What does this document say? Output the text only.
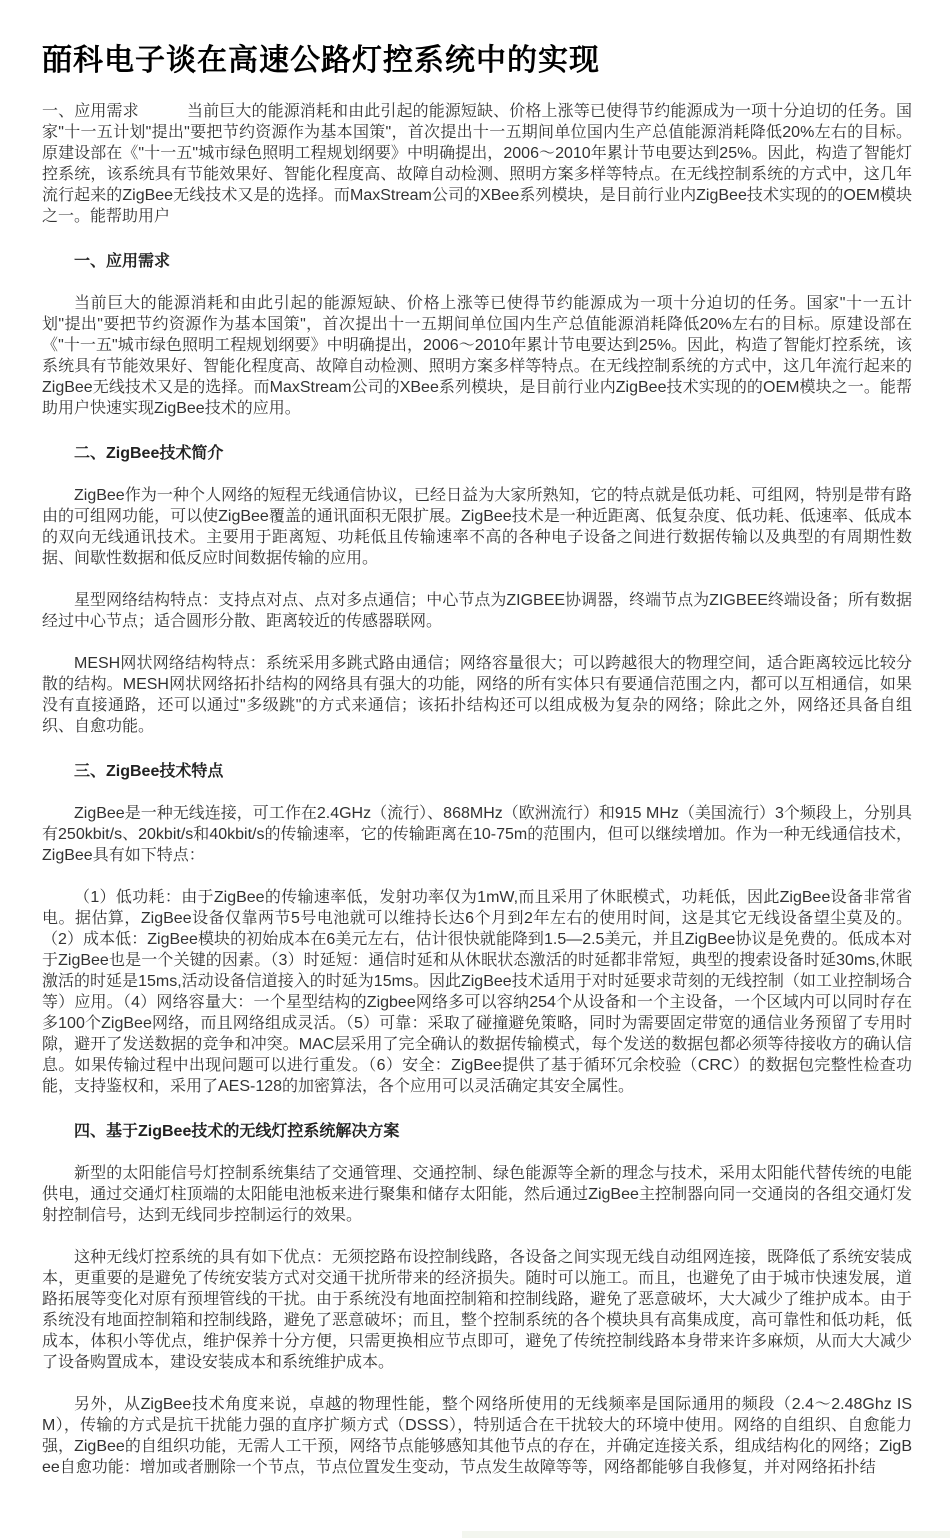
皕科电子谈在高速公路灯控系统中的实现

一、应用需求　　　当前巨大的能源消耗和由此引起的能源短缺、价格上涨等已使得节约能源成为一项十分迫切的任务。国家"十一五计划"提出"要把节约资源作为基本国策"，首次提出十一五期间单位国内生产总值能源消耗降低20%左右的目标。原建设部在《"十一五"城市绿色照明工程规划纲要》中明确提出，2006～2010年累计节电要达到25%。因此，构造了智能灯控系统，该系统具有节能效果好、智能化程度高、故障自动检测、照明方案多样等特点。在无线控制系统的方式中，这几年流行起来的ZigBee无线技术又是的选择。而MaxStream公司的XBee系列模块，是目前行业内ZigBee技术实现的的OEM模块之一。能帮助用户

一、应用需求

当前巨大的能源消耗和由此引起的能源短缺、价格上涨等已使得节约能源成为一项十分迫切的任务。国家"十一五计划"提出"要把节约资源作为基本国策"，首次提出十一五期间单位国内生产总值能源消耗降低20%左右的目标。原建设部在《"十一五"城市绿色照明工程规划纲要》中明确提出，2006～2010年累计节电要达到25%。因此，构造了智能灯控系统，该系统具有节能效果好、智能化程度高、故障自动检测、照明方案多样等特点。在无线控制系统的方式中，这几年流行起来的ZigBee无线技术又是的选择。而MaxStream公司的XBee系列模块，是目前行业内ZigBee技术实现的的OEM模块之一。能帮助用户快速实现ZigBee技术的应用。

二、ZigBee技术简介

ZigBee作为一种个人网络的短程无线通信协议，已经日益为大家所熟知，它的特点就是低功耗、可组网，特别是带有路由的可组网功能，可以使ZigBee覆盖的通讯面积无限扩展。ZigBee技术是一种近距离、低复杂度、低功耗、低速率、低成本的双向无线通讯技术。主要用于距离短、功耗低且传输速率不高的各种电子设备之间进行数据传输以及典型的有周期性数据、间歇性数据和低反应时间数据传输的应用。

星型网络结构特点：支持点对点、点对多点通信；中心节点为ZIGBEE协调器，终端节点为ZIGBEE终端设备；所有数据经过中心节点；适合圆形分散、距离较近的传感器联网。

MESH网状网络结构特点：系统采用多跳式路由通信；网络容量很大；可以跨越很大的物理空间，适合距离较远比较分散的结构。MESH网状网络拓扑结构的网络具有强大的功能，网络的所有实体只有要通信范围之内，都可以互相通信，如果没有直接通路，还可以通过"多级跳"的方式来通信；该拓扑结构还可以组成极为复杂的网络；除此之外，网络还具备自组织、自愈功能。

三、ZigBee技术特点

ZigBee是一种无线连接，可工作在2.4GHz（流行）、868MHz（欧洲流行）和915 MHz（美国流行）3个频段上，分别具有250kbit/s、20kbit/s和40kbit/s的传输速率，它的传输距离在10-75m的范围内，但可以继续增加。作为一种无线通信技术，ZigBee具有如下特点：

（1）低功耗：由于ZigBee的传输速率低，发射功率仅为1mW,而且采用了休眠模式，功耗低，因此ZigBee设备非常省电。据估算，ZigBee设备仅靠两节5号电池就可以维持长达6个月到2年左右的使用时间，这是其它无线设备望尘莫及的。（2）成本低：ZigBee模块的初始成本在6美元左右，估计很快就能降到1.5—2.5美元，并且ZigBee协议是免费的。低成本对于ZigBee也是一个关键的因素。（3）时延短：通信时延和从休眠状态激活的时延都非常短，典型的搜索设备时延30ms,休眠激活的时延是15ms,活动设备信道接入的时延为15ms。因此ZigBee技术适用于对时延要求苛刻的无线控制（如工业控制场合等）应用。（4）网络容量大：一个星型结构的Zigbee网络多可以容纳254个从设备和一个主设备，一个区域内可以同时存在多100个ZigBee网络，而且网络组成灵活。（5）可靠：采取了碰撞避免策略，同时为需要固定带宽的通信业务预留了专用时隙，避开了发送数据的竞争和冲突。MAC层采用了完全确认的数据传输模式，每个发送的数据包都必须等待接收方的确认信息。如果传输过程中出现问题可以进行重发。（6）安全：ZigBee提供了基于循环冗余校验（CRC）的数据包完整性检查功能，支持鉴权和，采用了AES-128的加密算法，各个应用可以灵活确定其安全属性。

四、基于ZigBee技术的无线灯控系统解决方案

新型的太阳能信号灯控制系统集结了交通管理、交通控制、绿色能源等全新的理念与技术，采用太阳能代替传统的电能供电，通过交通灯柱顶端的太阳能电池板来进行聚集和储存太阳能，然后通过ZigBee主控制器向同一交通岗的各组交通灯发射控制信号，达到无线同步控制运行的效果。

这种无线灯控系统的具有如下优点：无须挖路布设控制线路，各设备之间实现无线自动组网连接，既降低了系统安装成本，更重要的是避免了传统安装方式对交通干扰所带来的经济损失。随时可以施工。而且，也避免了由于城市快速发展，道路拓展等变化对原有预埋管线的干扰。由于系统没有地面控制箱和控制线路，避免了恶意破坏，大大减少了维护成本。由于系统没有地面控制箱和控制线路，避免了恶意破坏；而且，整个控制系统的各个模块具有高集成度，高可靠性和低功耗，低成本，体积小等优点，维护保养十分方便，只需更换相应节点即可，避免了传统控制线路本身带来许多麻烦，从而大大减少了设备购置成本，建设安装成本和系统维护成本。

另外，从ZigBee技术角度来说，卓越的物理性能，整个网络所使用的无线频率是国际通用的频段（2.4～2.48Ghz ISM），传输的方式是抗干扰能力强的直序扩频方式（DSSS），特别适合在干扰较大的环境中使用。网络的自组织、自愈能力强，ZigBee的自组织功能，无需人工干预，网络节点能够感知其他节点的存在，并确定连接关系，组成结构化的网络；ZigBee自愈功能：增加或者删除一个节点，节点位置发生变动，节点发生故障等等，网络都能够自我修复，并对网络拓扑结
